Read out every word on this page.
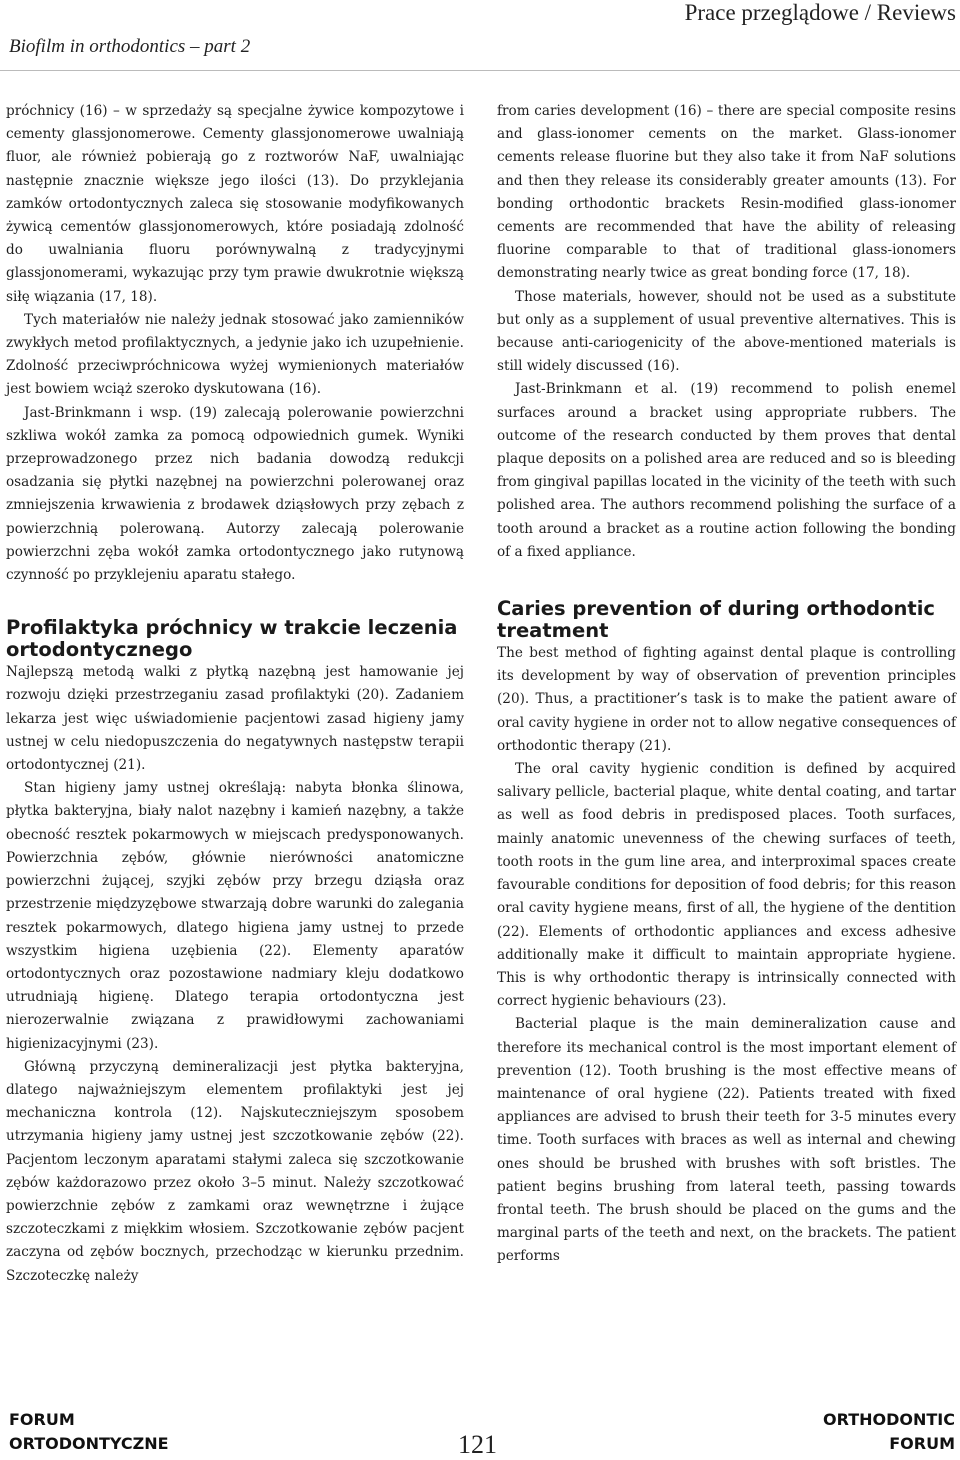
Biofilm in orthodontics – part 2
Prace przeglądowe / Reviews

próchnicy (16) – w sprzedaży są specjalne żywice kompozytowe i cementy glassjonomerowe. Cementy glassjonomerowe uwalniają fluor, ale również pobierają go z roztworów NaF, uwalniając następnie znacznie większe jego ilości (13). Do przyklejania zamków ortodontycznych zaleca się stosowanie modyfikowanych żywicą cementów glassjonomerowych, które posiadają zdolność do uwalniania fluoru porównywalną z tradycyjnymi glassjonomerami, wykazując przy tym prawie dwukrotnie większą siłę wiązania (17, 18).

Tych materiałów nie należy jednak stosować jako zamienników zwykłych metod profilaktycznych, a jedynie jako ich uzupełnienie. Zdolność przeciwpróchnicowa wyżej wymienionych materiałów jest bowiem wciąż szeroko dyskutowana (16).

Jast-Brinkmann i wsp. (19) zalecają polerowanie powierzchni szkliwa wokół zamka za pomocą odpowiednich gumek. Wyniki przeprowadzonego przez nich badania dowodzą redukcji osadzania się płytki nazębnej na powierzchni polerowanej oraz zmniejszenia krwawienia z brodawek dziąsłowych przy zębach z powierzchnią polerowaną. Autorzy zalecają polerowanie powierzchni zęba wokół zamka ortodontycznego jako rutynową czynność po przyklejeniu aparatu stałego.

Profilaktyka próchnicy w trakcie leczenia ortodontycznego

Najlepszą metodą walki z płytką nazębną jest hamowanie jej rozwoju dzięki przestrzeganiu zasad profilaktyki (20). Zadaniem lekarza jest więc uświadomienie pacjentowi zasad higieny jamy ustnej w celu niedopuszczenia do negatywnych następstw terapii ortodontycznej (21).

Stan higieny jamy ustnej określają: nabyta błonka ślinowa, płytka bakteryjna, biały nalot nazębny i kamień nazębny, a także obecność resztek pokarmowych w miejscach predysponowanych. Powierzchnia zębów, głównie nierówności anatomiczne powierzchni żującej, szyjki zębów przy brzegu dziąsła oraz przestrzenie międzyzębowe stwarzają dobre warunki do zalegania resztek pokarmowych, dlatego higiena jamy ustnej to przede wszystkim higiena uzębienia (22). Elementy aparatów ortodontycznych oraz pozostawione nadmiary kleju dodatkowo utrudniają higienę. Dlatego terapia ortodontyczna jest nierozerwalnie związana z prawidłowymi zachowaniami higienizacyjnymi (23).

Główną przyczyną demineralizacji jest płytka bakteryjna, dlatego najważniejszym elementem profilaktyki jest jej mechaniczna kontrola (12). Najskuteczniejszym sposobem utrzymania higieny jamy ustnej jest szczotkowanie zębów (22). Pacjentom leczonym aparatami stałymi zaleca się szczotkowanie zębów każdorazowo przez około 3–5 minut. Należy szczotkować powierzchnie zębów z zamkami oraz wewnętrzne i żujące szczoteczkami z miękkim włosiem. Szczotkowanie zębów pacjent zaczyna od zębów bocznych, przechodząc w kierunku przednim. Szczoteczkę należy

from caries development (16) – there are special composite resins and glass-ionomer cements on the market. Glass-ionomer cements release fluorine but they also take it from NaF solutions and then they release its considerably greater amounts (13). For bonding orthodontic brackets Resin-modified glass-ionomer cements are recommended that have the ability of releasing fluorine comparable to that of traditional glass-ionomers demonstrating nearly twice as great bonding force (17, 18).

Those materials, however, should not be used as a substitute but only as a supplement of usual preventive alternatives. This is because anti-cariogenicity of the above-mentioned materials is still widely discussed (16).

Jast-Brinkmann et al. (19) recommend to polish enemel surfaces around a bracket using appropriate rubbers. The outcome of the research conducted by them proves that dental plaque deposits on a polished area are reduced and so is bleeding from gingival papillas located in the vicinity of the teeth with such polished area. The authors recommend polishing the surface of a tooth around a bracket as a routine action following the bonding of a fixed appliance.

Caries prevention of during orthodontic treatment

The best method of fighting against dental plaque is controlling its development by way of observation of prevention principles (20). Thus, a practitioner’s task is to make the patient aware of oral cavity hygiene in order not to allow negative consequences of orthodontic therapy (21).

The oral cavity hygienic condition is defined by acquired salivary pellicle, bacterial plaque, white dental coating, and tartar as well as food debris in predisposed places. Tooth surfaces, mainly anatomic unevenness of the chewing surfaces of teeth, tooth roots in the gum line area, and interproximal spaces create favourable conditions for deposition of food debris; for this reason oral cavity hygiene means, first of all, the hygiene of the dentition (22). Elements of orthodontic appliances and excess adhesive additionally make it difficult to maintain appropriate hygiene. This is why orthodontic therapy is intrinsically connected with correct hygienic behaviours (23).

Bacterial plaque is the main demineralization cause and therefore its mechanical control is the most important element of prevention (12). Tooth brushing is the most effective means of maintenance of oral hygiene (22). Patients treated with fixed appliances are advised to brush their teeth for 3-5 minutes every time. Tooth surfaces with braces as well as internal and chewing ones should be brushed with brushes with soft bristles. The patient begins brushing from lateral teeth, passing towards frontal teeth. The brush should be placed on the gums and the marginal parts of the teeth and next, on the brackets. The patient performs

FORUM
ORTODONTYCZNE	121
ORTHODONTIC
FORUM
